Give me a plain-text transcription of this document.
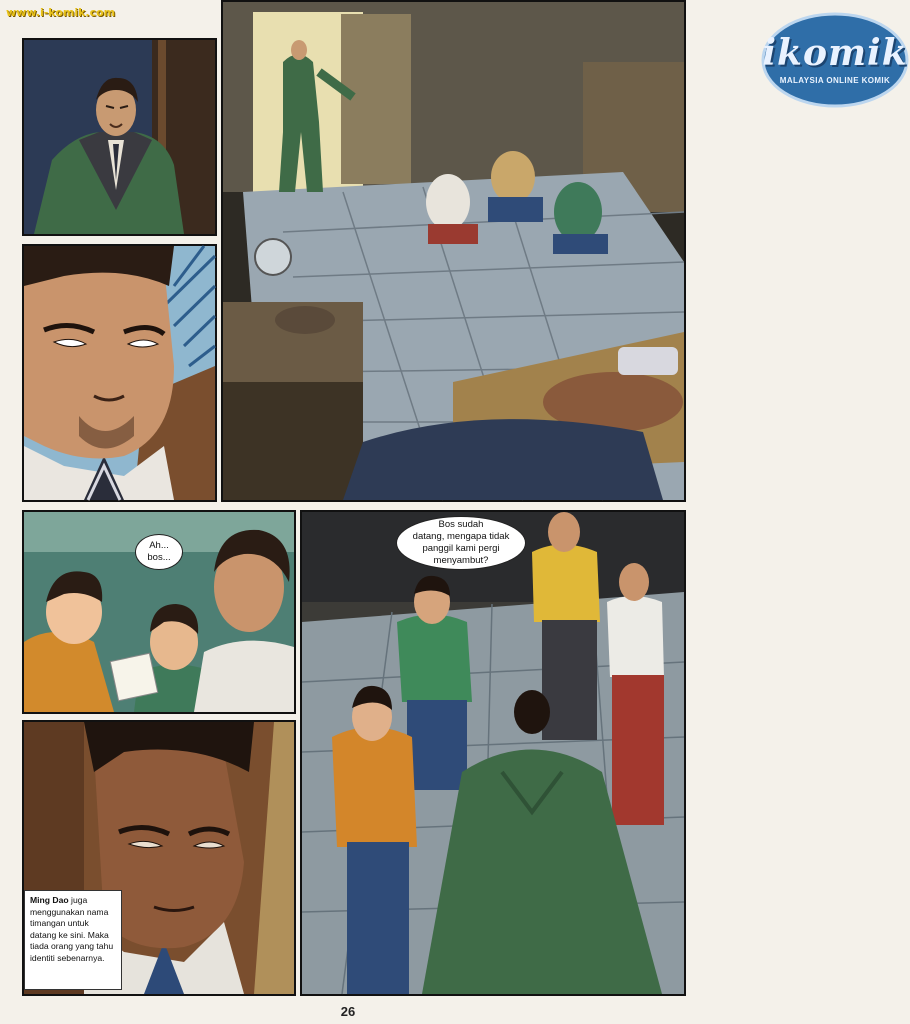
www.i-komik.com
ikomik
MALAYSIA ONLINE KOMIK
Ah...
bos...
Ming Dao juga menggunakan nama timangan untuk datang ke sini. Maka tiada orang yang tahu identiti sebenarnya.
Bos sudah
datang, mengapa tidak
panggil kami pergi
menyambut?
26
